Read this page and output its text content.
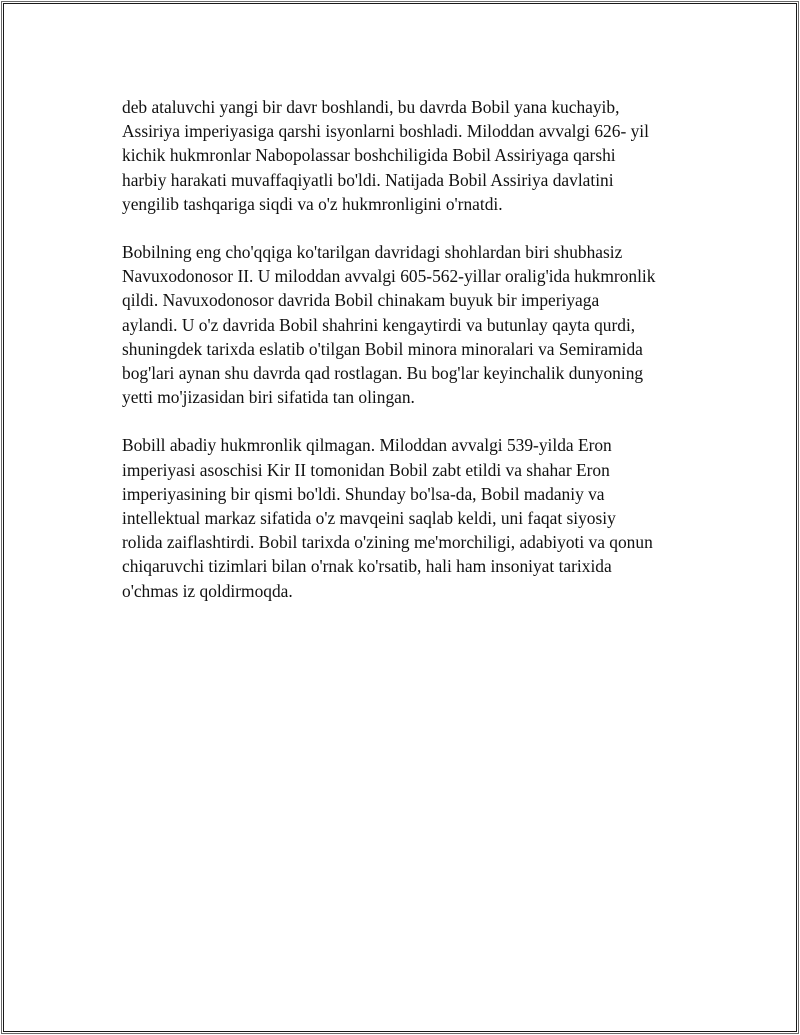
deb ataluvchi yangi bir davr boshlandi, bu davrda Bobil yana kuchayib,
Assiriya imperiyasiga qarshi isyonlarni boshladi. Miloddan avvalgi 626- yil
kichik hukmronlar Nabopolassar boshchiligida Bobil Assiriyaga qarshi
harbiy harakati muvaffaqiyatli bo'ldi. Natijada Bobil Assiriya davlatini
yengilib tashqariga siqdi va o'z hukmronligini o'rnatdi.

Bobilning eng cho'qqiga ko'tarilgan davridagi shohlardan biri shubhasiz
Navuxodonosor II. U miloddan avvalgi 605-562-yillar oralig'ida hukmronlik
qildi. Navuxodonosor davrida Bobil chinakam buyuk bir imperiyaga
aylandi. U o'z davrida Bobil shahrini kengaytirdi va butunlay qayta qurdi,
shuningdek tarixda eslatib o'tilgan Bobil minora minoralari va Semiramida
bog'lari aynan shu davrda qad rostlagan. Bu bog'lar keyinchalik dunyoning
yetti mo'jizasidan biri sifatida tan olingan.

Bobill abadiy hukmronlik qilmagan. Miloddan avvalgi 539-yilda Eron
imperiyasi asoschisi Kir II tomonidan Bobil zabt etildi va shahar Eron
imperiyasining bir qismi bo'ldi. Shunday bo'lsa-da, Bobil madaniy va
intellektual markaz sifatida o'z mavqeini saqlab keldi, uni faqat siyosiy
rolida zaiflashtirdi. Bobil tarixda o'zining me'morchiligi, adabiyoti va qonun
chiqaruvchi tizimlari bilan o'rnak ko'rsatib, hali ham insoniyat tarixida
o'chmas iz qoldirmoqda.
